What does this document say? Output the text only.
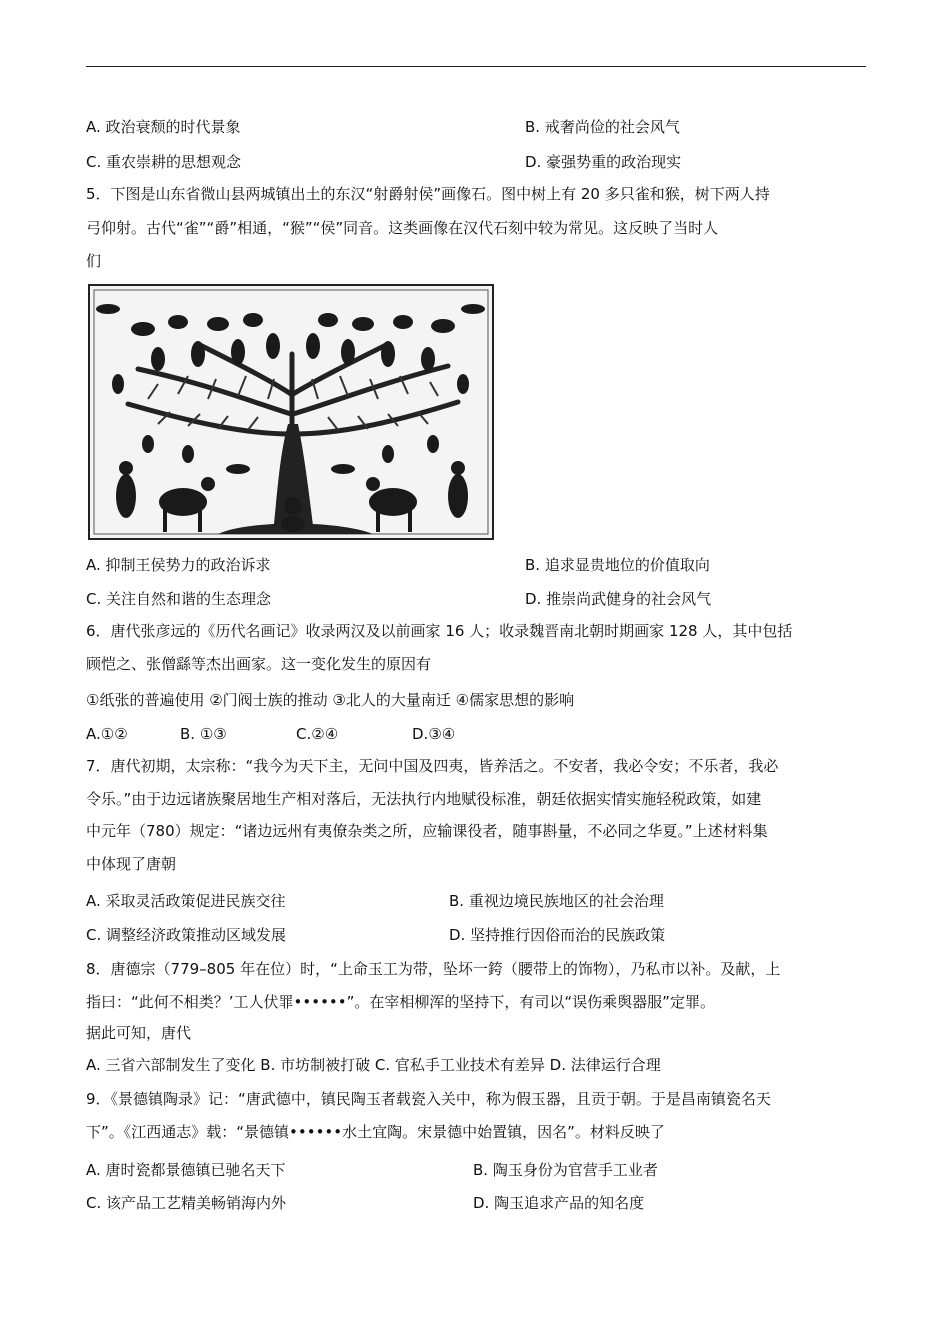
A. 政治衰颓的时代景象	B. 戒奢尚俭的社会风气
C. 重农崇耕的思想观念	D. 豪强势重的政治现实
5．下图是山东省微山县两城镇出土的东汉“射爵射侯”画像石。图中树上有 20 多只雀和猴，树下两人持
弓仰射。古代“雀”“爵”相通，“猴”“侯”同音。这类画像在汉代石刻中较为常见。这反映了当时人
们
A. 抑制王侯势力的政治诉求	B. 追求显贵地位的价值取向
C. 关注自然和谐的生态理念	D. 推崇尚武健身的社会风气
6．唐代张彦远的《历代名画记》收录两汉及以前画家 16 人；收录魏晋南北朝时期画家 128 人，其中包括
顾恺之、张僧繇等杰出画家。这一变化发生的原因有
①纸张的普遍使用 ②门阀士族的推动 ③北人的大量南迁 ④儒家思想的影响
A.①②	B. ①③	C.②④	D.③④
7．唐代初期，太宗称：“我今为天下主，无问中国及四夷，皆养活之。不安者，我必令安；不乐者，我必
令乐。”由于边远诸族聚居地生产相对落后，无法执行内地赋役标准，朝廷依据实情实施轻税政策，如建
中元年（780）规定：“诸边远州有夷僚杂类之所，应输课役者，随事斟量，不必同之华夏。”上述材料集
中体现了唐朝
A. 采取灵活政策促进民族交往	B. 重视边境民族地区的社会治理
C. 调整经济政策推动区域发展	D. 坚持推行因俗而治的民族政策
8．唐德宗（779–805 年在位）时，“上命玉工为带，坠坏一銙（腰带上的饰物），乃私市以补。及献，上
指曰：“此何不相类？’工人伏罪••••••”。在宰相柳浑的坚持下，有司以“误伤乘舆器服”定罪。
据此可知，唐代
A. 三省六部制发生了变化 B. 市坊制被打破 C. 官私手工业技术有差异 D. 法律运行合理
9．《景德镇陶录》记：“唐武德中，镇民陶玉者载瓷入关中，称为假玉器，且贡于朝。于是昌南镇瓷名天
下”。《江西通志》载：“景德镇••••••水土宜陶。宋景德中始置镇，因名”。材料反映了
A. 唐时瓷都景德镇已驰名天下	B. 陶玉身份为官营手工业者
C. 该产品工艺精美畅销海内外	D. 陶玉追求产品的知名度
